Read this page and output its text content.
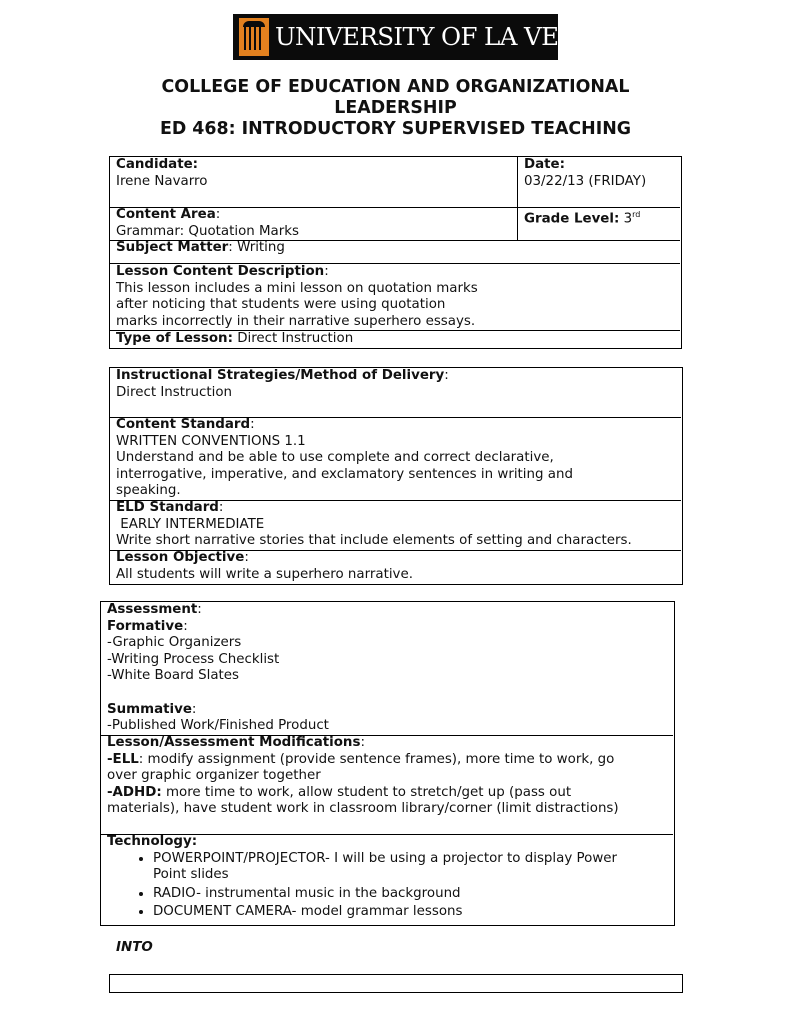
UNIVERSITY OF LA VERNE
COLLEGE OF EDUCATION AND ORGANIZATIONAL
LEADERSHIP
ED 468: INTRODUCTORY SUPERVISED TEACHING
Candidate:
Irene Navarro
Date:
03/22/13 (FRIDAY)
Content Area:
Grammar: Quotation Marks
Grade Level: 3rd
Subject Matter: Writing
Lesson Content Description:
This lesson includes a mini lesson on quotation marks
after noticing that students were using quotation
marks incorrectly in their narrative superhero essays.
Type of Lesson: Direct Instruction
Instructional Strategies/Method of Delivery:
Direct Instruction
Content Standard:
WRITTEN CONVENTIONS 1.1
Understand and be able to use complete and correct declarative,
interrogative, imperative, and exclamatory sentences in writing and
speaking.
ELD Standard:
EARLY INTERMEDIATE
Write short narrative stories that include elements of setting and characters.
Lesson Objective:
All students will write a superhero narrative.
Assessment:
Formative:
-Graphic Organizers
-Writing Process Checklist
-White Board Slates

Summative:
-Published Work/Finished Product
Lesson/Assessment Modifications:
-ELL: modify assignment (provide sentence frames), more time to work, go
over graphic organizer together
-ADHD: more time to work, allow student to stretch/get up (pass out
materials), have student work in classroom library/corner (limit distractions)
Technology:
• POWERPOINT/PROJECTOR- I will be using a projector to display Power
Point slides
• RADIO- instrumental music in the background
• DOCUMENT CAMERA- model grammar lessons
INTO
